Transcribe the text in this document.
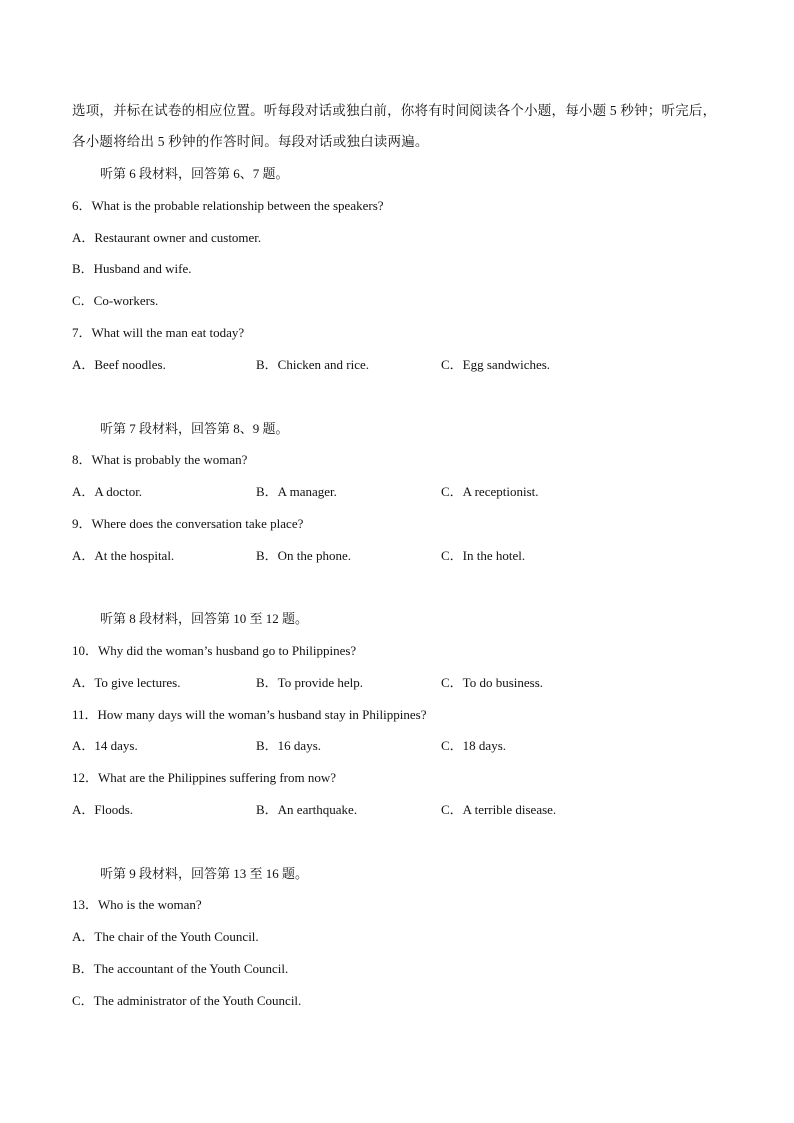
选项，并标在试卷的相应位置。听每段对话或独白前，你将有时间阅读各个小题，每小题 5 秒钟；听完后，
各小题将给出 5 秒钟的作答时间。每段对话或独白读两遍。
听第 6 段材料，回答第 6、7 题。
6．What is the probable relationship between the speakers?
A．Restaurant owner and customer.
B．Husband and wife.
C．Co-workers.
7．What will the man eat today?
A．Beef noodles.	B．Chicken and rice.	C．Egg sandwiches.
听第 7 段材料，回答第 8、9 题。
8．What is probably the woman?
A．A doctor.	B．A manager.	C．A receptionist.
9．Where does the conversation take place?
A．At the hospital.	B．On the phone.	C．In the hotel.
听第 8 段材料，回答第 10 至 12 题。
10．Why did the woman’s husband go to Philippines?
A．To give lectures.	B．To provide help.	C．To do business.
11．How many days will the woman’s husband stay in Philippines?
A．14 days.	B．16 days.	C．18 days.
12．What are the Philippines suffering from now?
A．Floods.	B．An earthquake.	C．A terrible disease.
听第 9 段材料，回答第 13 至 16 题。
13．Who is the woman?
A．The chair of the Youth Council.
B．The accountant of the Youth Council.
C．The administrator of the Youth Council.
